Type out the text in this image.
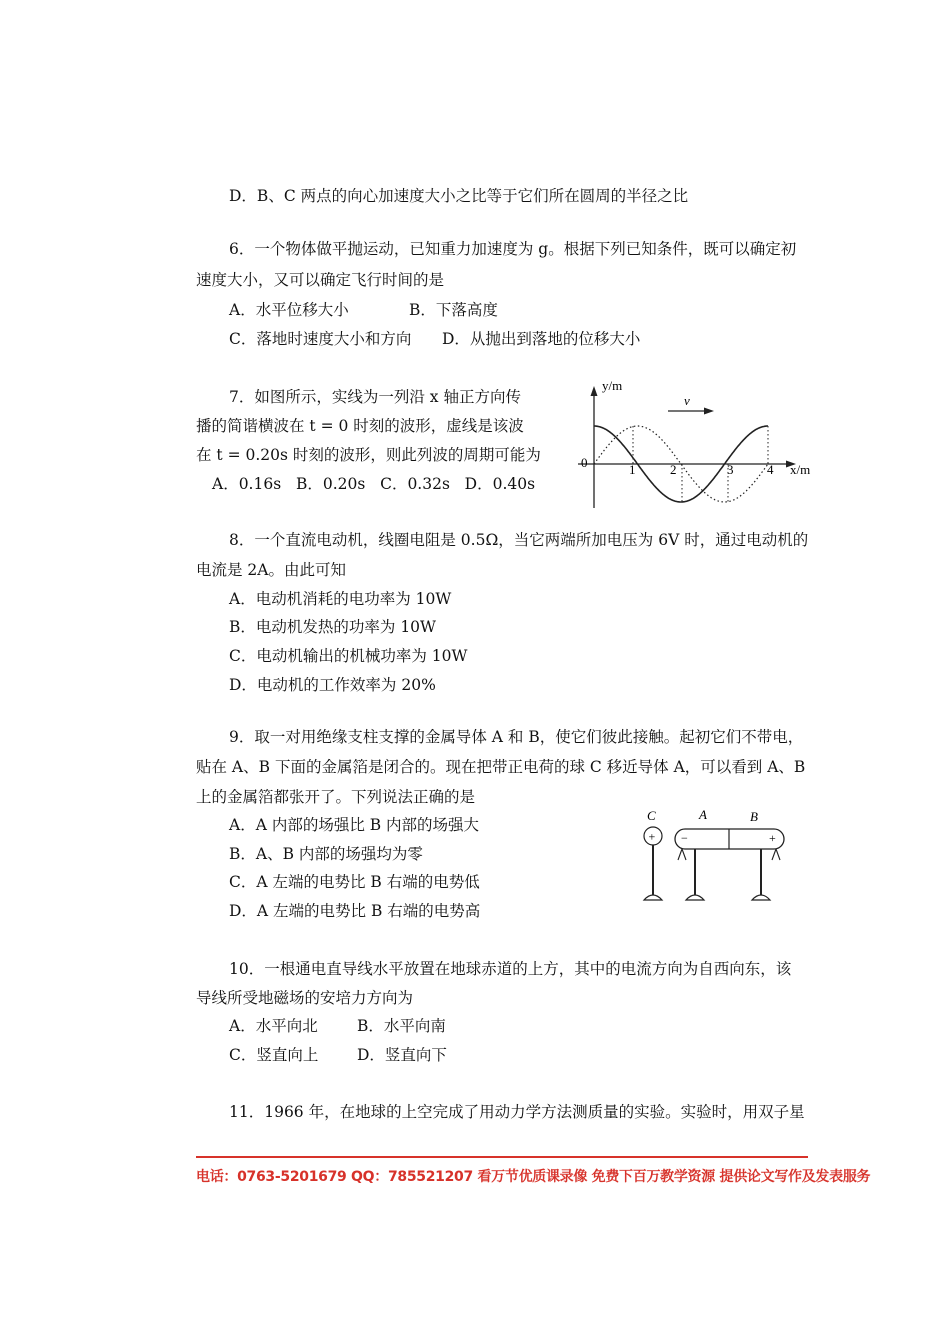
D．B、C 两点的向心加速度大小之比等于它们所在圆周的半径之比
6．一个物体做平抛运动，已知重力加速度为 g。根据下列已知条件，既可以确定初
速度大小，又可以确定飞行时间的是
A．水平位移大小	B．下落高度
C．落地时速度大小和方向 D．从抛出到落地的位移大小
7．如图所示，实线为一列沿 x 轴正方向传
播的简谐横波在 t = 0 时刻的波形，虚线是该波
在 t = 0.20s 时刻的波形，则此列波的周期可能为
A．0.16s   B．0.20s   C．0.32s   D．0.40s
v
y/m
x/m
0	1	2	3	4
8．一个直流电动机，线圈电阻是 0.5Ω，当它两端所加电压为 6V 时，通过电动机的
电流是 2A。由此可知
A．电动机消耗的电功率为 10W
B．电动机发热的功率为 10W
C．电动机输出的机械功率为 10W
D．电动机的工作效率为 20%
9．取一对用绝缘支柱支撑的金属导体 A 和 B，使它们彼此接触。起初它们不带电，
贴在 A、B 下面的金属箔是闭合的。现在把带正电荷的球 C 移近导体 A，可以看到 A、B
上的金属箔都张开了。下列说法正确的是
A．A 内部的场强比 B 内部的场强大
B．A、B 内部的场强均为零
C．A 左端的电势比 B 右端的电势低
D．A 左端的电势比 B 右端的电势高
C	A	B
+ −	+
10．一根通电直导线水平放置在地球赤道的上方，其中的电流方向为自西向东，该
导线所受地磁场的安培力方向为
A．水平向北	B．水平向南
C．竖直向上 D．竖直向下
11．1966 年，在地球的上空完成了用动力学方法测质量的实验。实验时，用双子星
电话：0763-5201679 QQ：785521207 看万节优质课录像 免费下百万教学资源 提供论文写作及发表服务
